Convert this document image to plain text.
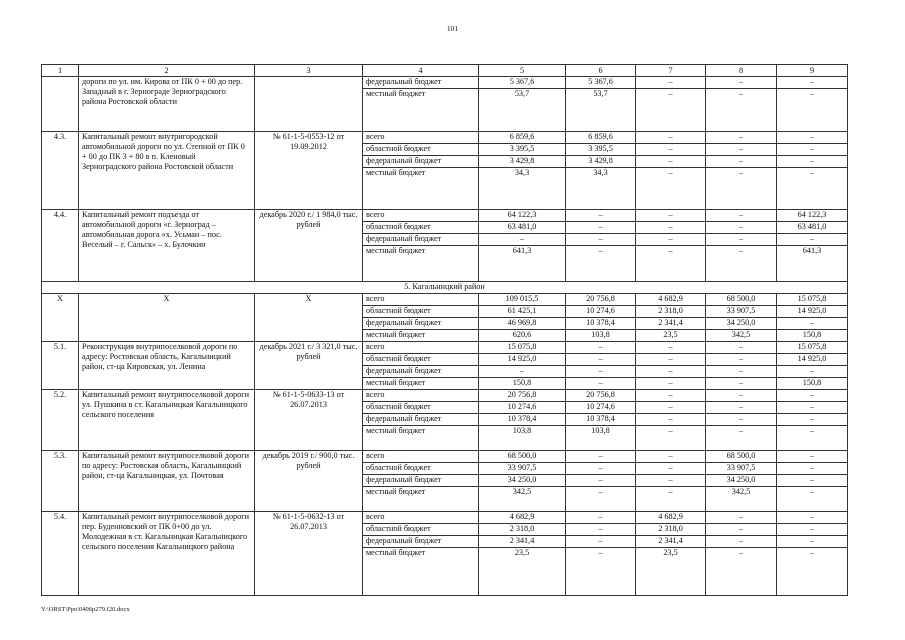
101
1	2	3	4	5	6	7	8	9
	дороги по ул. им. Кирова от ПК 0 + 00 до пер. Западный в г. Зернограде Зерноградского района Ростовской области		федеральный бюджет	5 367,6	5 367,6	–	–	–
			местный бюджет	53,7	53,7	–	–	–
4.3.	Капитальный ремонт внутригородской автомобильной дороги по ул. Степной от ПК 0 + 00 до ПК 3 + 80 в п. Кленовый Зерноградского района Ростовской области	№ 61-1-5-0553-12 от 19.09.2012	всего	6 859,6	6 859,6	–	–	–
			областной бюджет	3 395,5	3 395,5	–	–	–
			федеральный бюджет	3 429,8	3 429,8	–	–	–
			местный бюджет	34,3	34,3	–	–	–
4.4.	Капитальный ремонт подъезда от автомобильной дороги «г. Зерноград – автомобильная дорога «х. Усьман – пос. Веселый – г. Сальск» – х. Булочкин	декабрь 2020 г./ 1 984,0 тыс. рублей	всего	64 122,3	–	–	–	64 122,3
			областной бюджет	63 481,0	–	–	–	63 481,0
			федеральный бюджет	–	–	–	–	–
			местный бюджет	641,3	–	–	–	641,3
5. Кагальницкий район								
Х	Х	Х	всего	109 015,5	20 756,8	4 682,9	68 500,0	15 075,8
			областной бюджет	61 425,1	10 274,6	2 318,0	33 907,5	14 925,0
			федеральный бюджет	46 969,8	10 378,4	2 341,4	34 250,0	–
			местный бюджет	620,6	103,8	23,5	342,5	150,8
5.1.	Реконструкция внутрипоселковой дороги по адресу: Ростовская область, Кагальницкий район, ст-ца Кировская, ул. Ленина	декабрь 2021 г./ 3 321,0 тыс. рублей	всего	15 075,8	–	–	–	15 075,8
			областной бюджет	14 925,0	–	–	–	14 925,0
			федеральный бюджет	–	–	–	–	–
			местный бюджет	150,8	–	–	–	150,8
5.2.	Капитальный ремонт внутрипоселковой дороги ул. Пушкина в ст. Кагальницкая Кагальницкого сельского поселения	№ 61-1-5-0633-13 от 26.07.2013	всего	20 756,8	20 756,8	–	–	–
			областной бюджет	10 274,6	10 274,6	–	–	–
			федеральный бюджет	10 378,4	10 378,4	–	–	–
			местный бюджет	103,8	103,8	–	–	–
5.3.	Капитальный ремонт внутрипоселковой дороги по адресу: Ростовская область, Кагальницкий район, ст-ца Кагальницкая, ул. Почтовая	декабрь 2019 г./ 900,0 тыс. рублей	всего	68 500,0	–	–	68 500,0	–
			областной бюджет	33 907,5	–	–	33 907,5	–
			федеральный бюджет	34 250,0	–	–	34 250,0	–
			местный бюджет	342,5	–	–	342,5	–
5.4.	Капитальный ремонт внутрипоселковой дороги пер. Буденновский от ПК 0+00 до ул. Молодежная в ст. Кагальницкая Кагальницкого сельского поселения Кагальницкого района	№ 61-1-5-0632-13 от 26.07.2013	всего	4 682,9	–	4 682,9	–	–
			областной бюджет	2 318,0	–	2 318,0	–	–
			федеральный бюджет	2 341,4	–	2 341,4	–	–
			местный бюджет	23,5	–	23,5	–	–
Y:\ORST\Ppo\0406p279.f20.docx
